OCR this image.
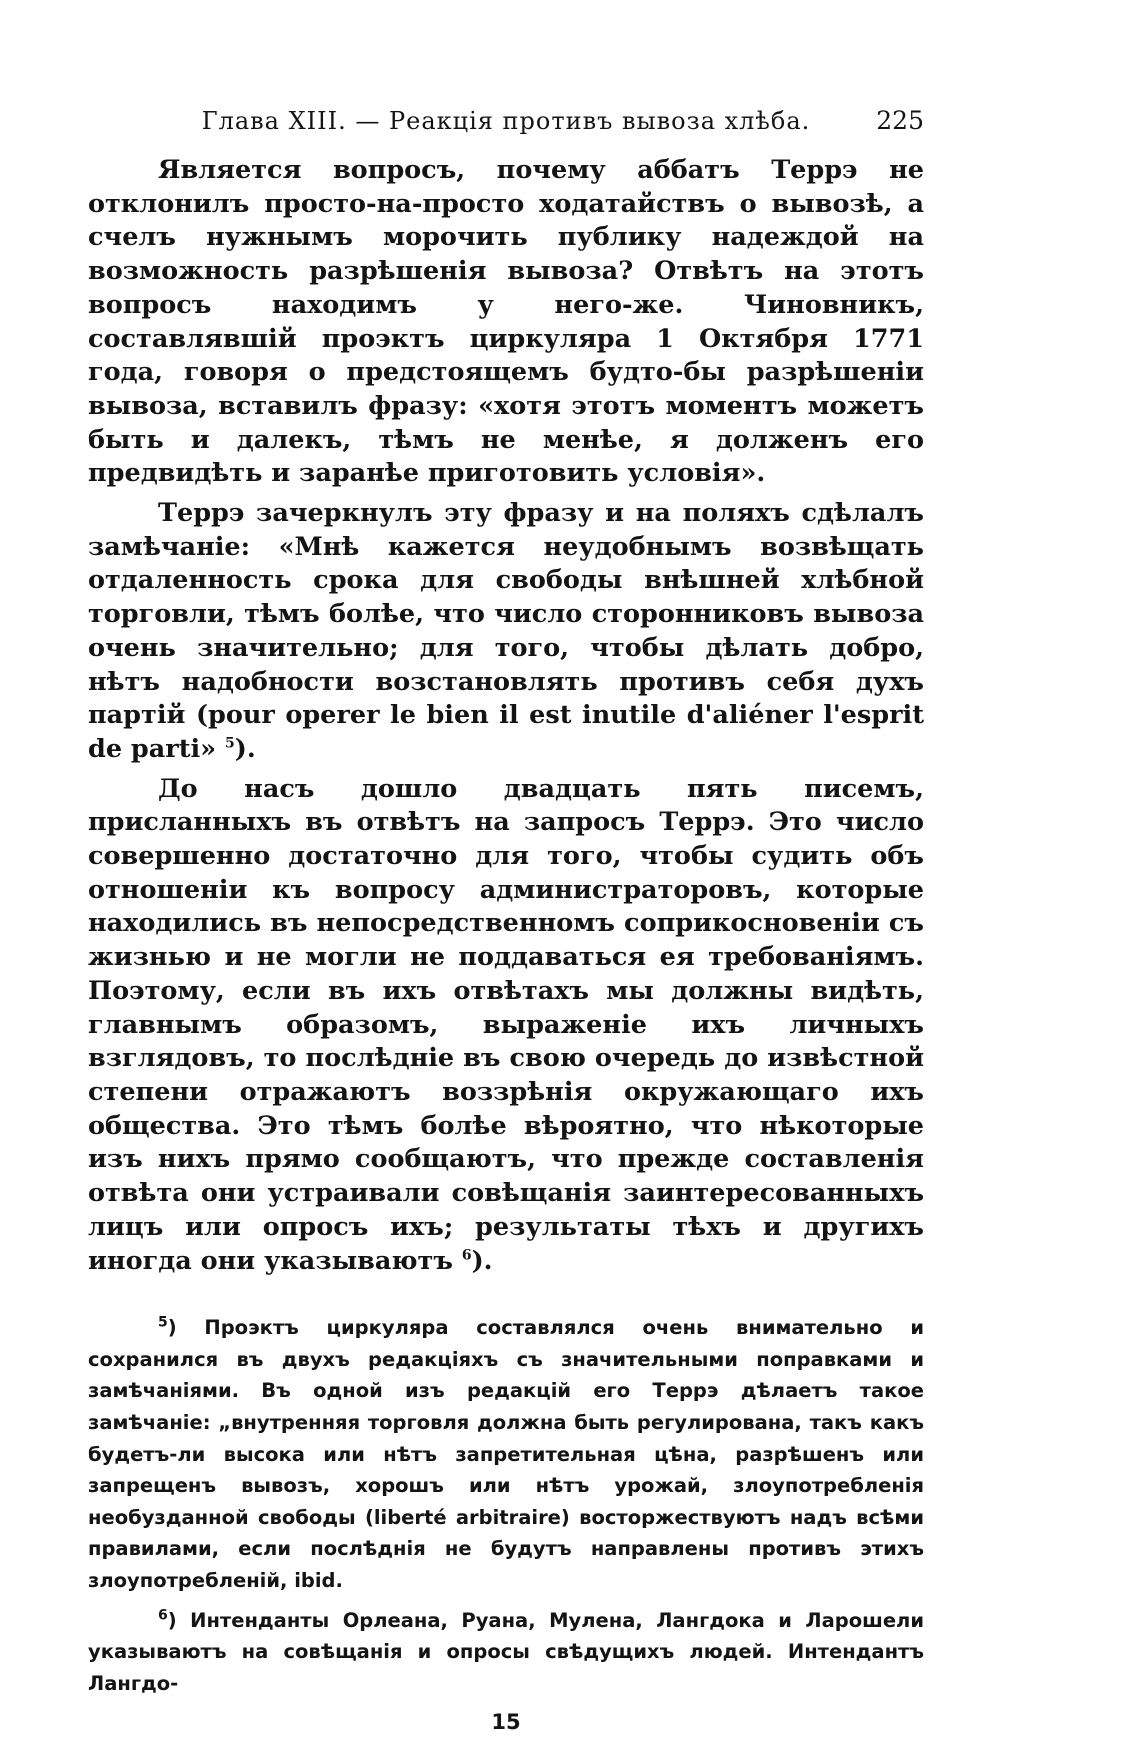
Глава XIII. — Реакція противъ вывоза хлѣба.	225

Является вопросъ, почему аббатъ Террэ не отклонилъ просто-на-просто ходатайствъ о вывозѣ, а счелъ нужнымъ морочить публику надеждой на возможность разрѣшенія вывоза? Отвѣтъ на этотъ вопросъ находимъ у него-же. Чиновникъ, составлявшій проэктъ циркуляра 1 Октября 1771 года, говоря о предстоящемъ будто-бы разрѣшеніи вывоза, вставилъ фразу: «хотя этотъ моментъ можетъ быть и далекъ, тѣмъ не менѣе, я долженъ его предвидѣть и заранѣе приготовить условія».

Террэ зачеркнулъ эту фразу и на поляхъ сдѣлалъ замѣчаніе: «Мнѣ кажется неудобнымъ возвѣщать отдаленность срока для свободы внѣшней хлѣбной торговли, тѣмъ болѣе, что число сторонниковъ вывоза очень значительно; для того, чтобы дѣлать добро, нѣтъ надобности возстановлять противъ себя духъ партій (pour operer le bien il est inutile d'aliéner l'esprit de parti» $^5$).

До насъ дошло двадцать пять писемъ, присланныхъ въ отвѣтъ на запросъ Террэ. Это число совершенно достаточно для того, чтобы судить объ отношеніи къ вопросу администраторовъ, которые находились въ непосредственномъ соприкосновеніи съ жизнью и не могли не поддаваться ея требованіямъ. Поэтому, если въ ихъ отвѣтахъ мы должны видѣть, главнымъ образомъ, выраженіе ихъ личныхъ взглядовъ, то послѣдніе въ свою очередь до извѣстной степени отражаютъ воззрѣнія окружающаго ихъ общества. Это тѣмъ болѣе вѣроятно, что нѣкоторые изъ нихъ прямо сообщаютъ, что прежде составленія отвѣта они устраивали совѣщанія заинтересованныхъ лицъ или опросъ ихъ; результаты тѣхъ и другихъ иногда они указываютъ $^6$).

$^5$) Проэктъ циркуляра составлялся очень внимательно и сохранился въ двухъ редакціяхъ съ значительными поправками и замѣчаніями. Въ одной изъ редакцій его Террэ дѣлаетъ такое замѣчаніе: „внутренняя торговля должна быть регулирована, такъ какъ будетъ-ли высока или нѣтъ запретительная цѣна, разрѣшенъ или запрещенъ вывозъ, хорошъ или нѣтъ урожай, злоупотребленія необузданной свободы (liberté arbitraire) восторжествуютъ надъ всѣми правилами, если послѣднія не будутъ направлены противъ этихъ злоупотребленій, ibid.

$^6$) Интенданты Орлеана, Руана, Мулена, Лангдока и Ларошели указываютъ на совѣщанія и опросы свѣдущихъ людей. Интендантъ Лангдо-

15
